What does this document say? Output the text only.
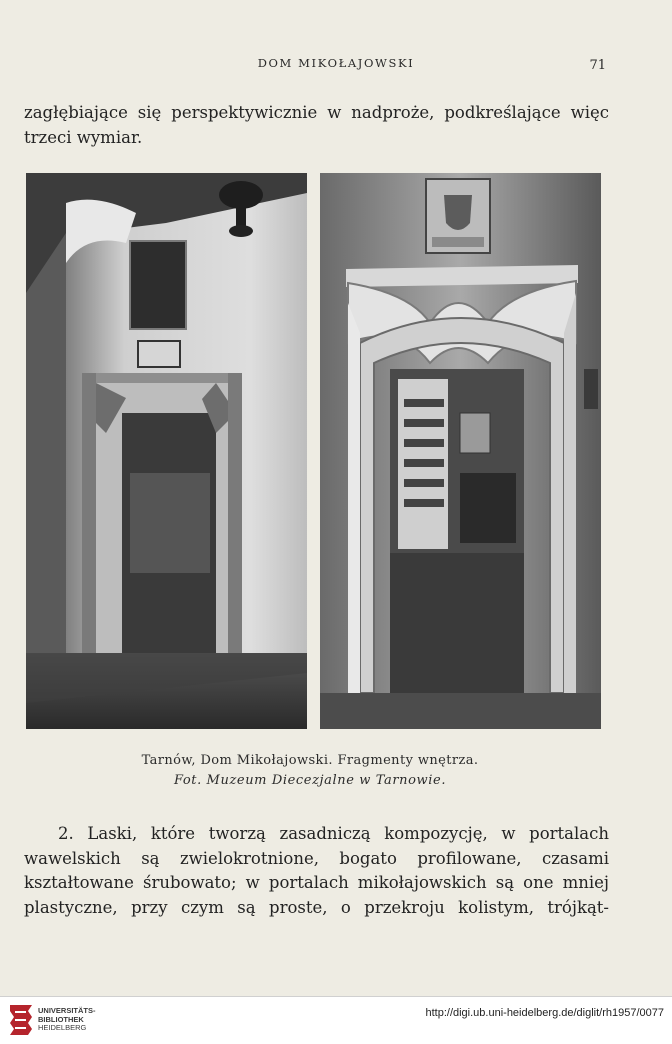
DOM MIKOŁAJOWSKI	71
zagłębiające się perspektywicznie w nadproże, podkreślające więc
trzeci wymiar.
Tarnów, Dom Mikołajowski. Fragmenty wnętrza.
Fot. Muzeum Diecezjalne w Tarnowie.
2. Laski, które tworzą zasadniczą kompozycję, w portalach
wawelskich są zwielokrotnione, bogato profilowane, czasami
kształtowane śrubowato; w portalach mikołajowskich są one mniej
plastyczne, przy czym są proste, o przekroju kolistym, trójkąt-
UNIVERSITÄTS-
BIBLIOTHEK
HEIDELBERG
http://digi.ub.uni-heidelberg.de/diglit/rh1957/0077
